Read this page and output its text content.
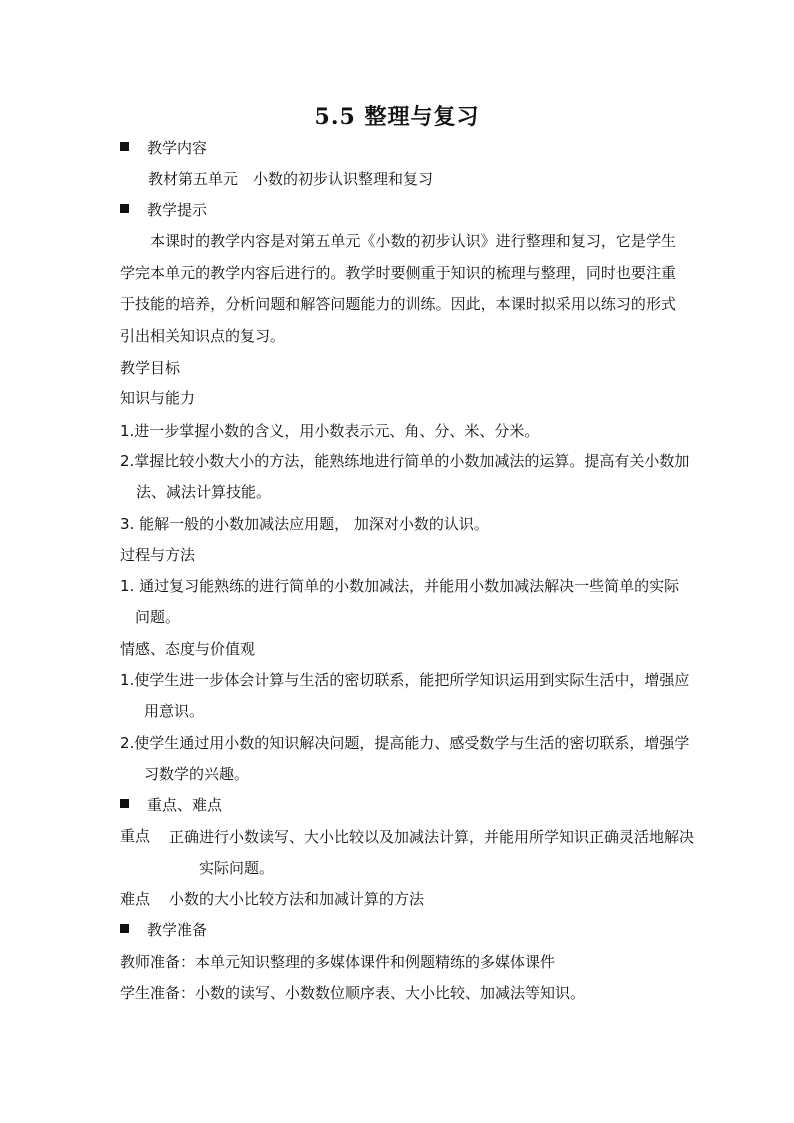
5.5 整理与复习
教学内容
教材第五单元　小数的初步认识整理和复习
教学提示
本课时的教学内容是对第五单元《小数的初步认识》进行整理和复习，它是学生学完本单元的教学内容后进行的。教学时要侧重于知识的梳理与整理，同时也要注重于技能的培养，分析问题和解答问题能力的训练。因此，本课时拟采用以练习的形式引出相关知识点的复习。
教学目标
知识与能力
1.进一步掌握小数的含义，用小数表示元、角、分、米、分米。
2.掌握比较小数大小的方法，能熟练地进行简单的小数加减法的运算。提高有关小数加法、减法计算技能。
3. 能解一般的小数加减法应用题， 加深对小数的认识。
过程与方法
1. 通过复习能熟练的进行简单的小数加减法，并能用小数加减法解决一些简单的实际问题。
情感、态度与价值观
1.使学生进一步体会计算与生活的密切联系，能把所学知识运用到实际生活中，增强应用意识。
2.使学生通过用小数的知识解决问题，提高能力、感受数学与生活的密切联系，增强学习数学的兴趣。
重点、难点
重点 正确进行小数读写、大小比较以及加减法计算，并能用所学知识正确灵活地解决实际问题。
难点 小数的大小比较方法和加减计算的方法
教学准备
教师准备：本单元知识整理的多媒体课件和例题精练的多媒体课件
学生准备：小数的读写、小数数位顺序表、大小比较、加减法等知识。
